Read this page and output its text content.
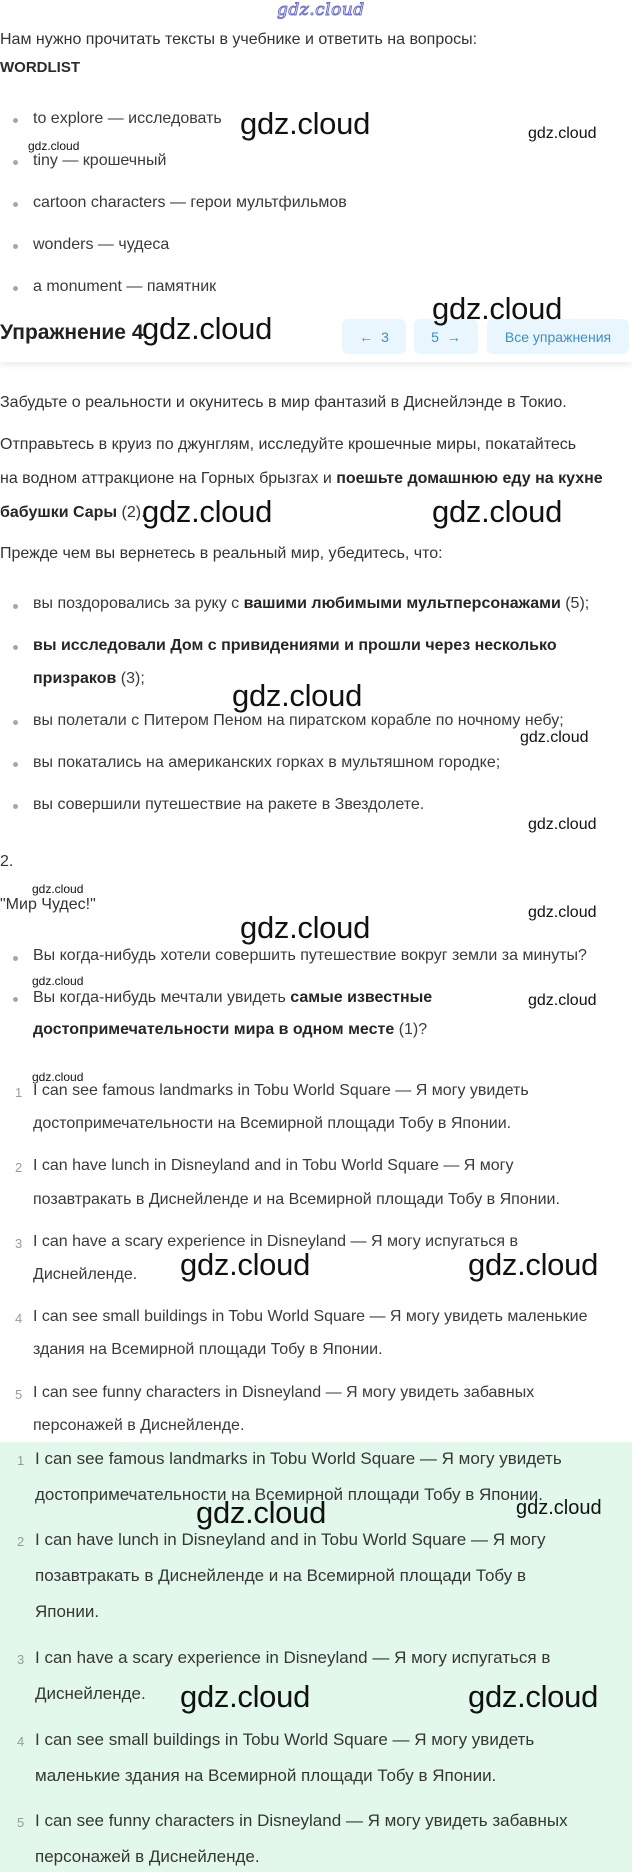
gdz.cloud
Нам нужно прочитать тексты в учебнике и ответить на вопросы:
WORDLIST
to explore — исследовать
tiny — крошечный
cartoon characters — герои мультфильмов
wonders — чудеса
a monument — памятник
Упражнение 4	← 3	5 →	Все упражнения
Забудьте о реальности и окунитесь в мир фантазий в Диснейлэнде в Токио.
Отправьтесь в круиз по джунглям, исследуйте крошечные миры, покатайтесь
на водном аттракционе на Горных брызгах и поешьте домашнюю еду на кухне
бабушки Сары (2).
Прежде чем вы вернетесь в реальный мир, убедитесь, что:
вы поздоровались за руку с вашими любимыми мультперсонажами (5);
вы исследовали Дом с привидениями и прошли через несколько
призраков (3);
вы полетали с Питером Пеном на пиратском корабле по ночному небу;
вы покатались на американских горках в мультяшном городке;
вы совершили путешествие на ракете в Звездолете.
2.
"Мир Чудес!"
Вы когда-нибудь хотели совершить путешествие вокруг земли за минуты?
Вы когда-нибудь мечтали увидеть самые известные
достопримечательности мира в одном месте (1)?
1 I can see famous landmarks in Tobu World Square — Я могу увидеть
достопримечательности на Всемирной площади Тобу в Японии.
2 I can have lunch in Disneyland and in Tobu World Square — Я могу
позавтракать в Диснейленде и на Всемирной площади Тобу в Японии.
3 I can have a scary experience in Disneyland — Я могу испугаться в
Диснейленде.
4 I can see small buildings in Tobu World Square — Я могу увидеть маленькие
здания на Всемирной площади Тобу в Японии.
5 I can see funny characters in Disneyland — Я могу увидеть забавных
персонажей в Диснейленде.
1 I can see famous landmarks in Tobu World Square — Я могу увидеть
достопримечательности на Всемирной площади Тобу в Японии.
2 I can have lunch in Disneyland and in Tobu World Square — Я могу
позавтракать в Диснейленде и на Всемирной площади Тобу в
Японии.
3 I can have a scary experience in Disneyland — Я могу испугаться в
Диснейленде.
4 I can see small buildings in Tobu World Square — Я могу увидеть
маленькие здания на Всемирной площади Тобу в Японии.
5 I can see funny characters in Disneyland — Я могу увидеть забавных
персонажей в Диснейленде.
gdz.cloud	gdz.cloud
gdz.cloud
gdz.cloud
gdz.cloud
gdz.cloud	gdz.cloud
gdz.cloud
gdz.cloud
gdz.cloud
gdz.cloud
gdz.cloud	gdz.cloud
gdz.cloud
gdz.cloud
gdz.cloud
gdz.cloud	gdz.cloud
gdz.cloud	gdz.cloud
gdz.cloud	gdz.cloud
